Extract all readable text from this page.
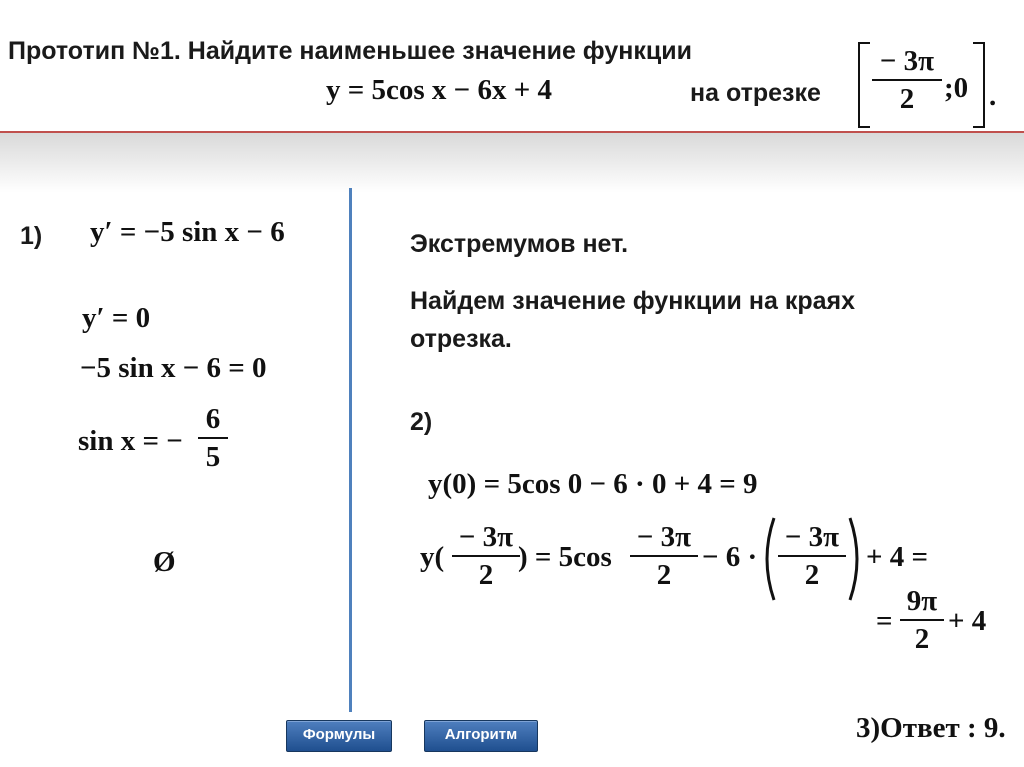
Прототип №1. Найдите наименьшее значение функции
y = 5cos x − 6x + 4	на отрезке
− 3π
2	;0 .
1) y′ = −5 sin x − 6
y′ = 0
−5 sin x − 6 = 0
sin x = −
6
5
Ø
Экстремумов нет.
Найдем значение функции на краях
отрезка.
2)
y(0) = 5cos 0 − 6 · 0 + 4 = 9
y(
− 3π
2
) = 5cos
− 3π
2
− 6 ·
− 3π
2
+ 4 =
=
9π
2
+ 4
3)Ответ : 9.
Формулы	Алгоритм
